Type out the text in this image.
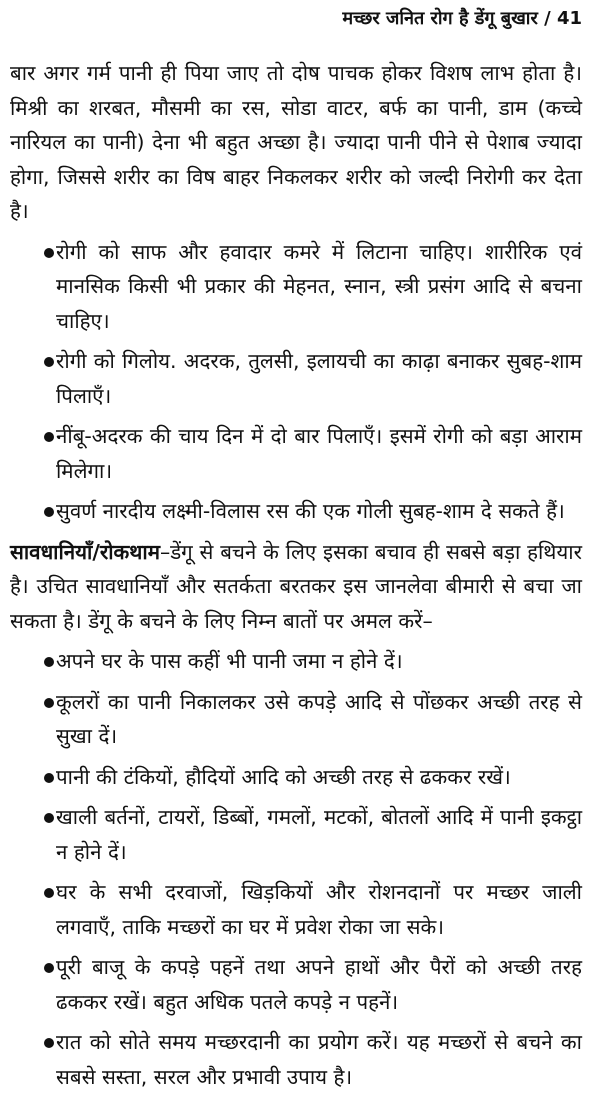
मच्छर जनित रोग है डेंगू बुखार / 41

बार अगर गर्म पानी ही पिया जाए तो दोष पाचक होकर विशष लाभ होता है। मिश्री का शरबत, मौसमी का रस, सोडा वाटर, बर्फ का पानी, डाम (कच्चे नारियल का पानी) देना भी बहुत अच्छा है। ज्यादा पानी पीने से पेशाब ज्यादा होगा, जिससे शरीर का विष बाहर निकलकर शरीर को जल्दी निरोगी कर देता है।

रोगी को साफ और हवादार कमरे में लिटाना चाहिए। शारीरिक एवं मानसिक किसी भी प्रकार की मेहनत, स्नान, स्त्री प्रसंग आदि से बचना चाहिए।
रोगी को गिलोय. अदरक, तुलसी, इलायची का काढ़ा बनाकर सुबह-शाम पिलाएँ।
नींबू-अदरक की चाय दिन में दो बार पिलाएँ। इसमें रोगी को बड़ा आराम मिलेगा।
सुवर्ण नारदीय लक्ष्मी-विलास रस की एक गोली सुबह-शाम दे सकते हैं।

सावधानियाँ/रोकथाम–डेंगू से बचने के लिए इसका बचाव ही सबसे बड़ा हथियार है। उचित सावधानियाँ और सतर्कता बरतकर इस जानलेवा बीमारी से बचा जा सकता है। डेंगू के बचने के लिए निम्न बातों पर अमल करें–

अपने घर के पास कहीं भी पानी जमा न होने दें।
कूलरों का पानी निकालकर उसे कपड़े आदि से पोंछकर अच्छी तरह से सुखा दें।
पानी की टंकियों, हौदियों आदि को अच्छी तरह से ढककर रखें।
खाली बर्तनों, टायरों, डिब्बों, गमलों, मटकों, बोतलों आदि में पानी इकट्ठा न होने दें।
घर के सभी दरवाजों, खिड़कियों और रोशनदानों पर मच्छर जाली लगवाएँ, ताकि मच्छरों का घर में प्रवेश रोका जा सके।
पूरी बाजू के कपड़े पहनें तथा अपने हाथों और पैरों को अच्छी तरह ढककर रखें। बहुत अधिक पतले कपड़े न पहनें।
रात को सोते समय मच्छरदानी का प्रयोग करें। यह मच्छरों से बचने का सबसे सस्ता, सरल और प्रभावी उपाय है।
